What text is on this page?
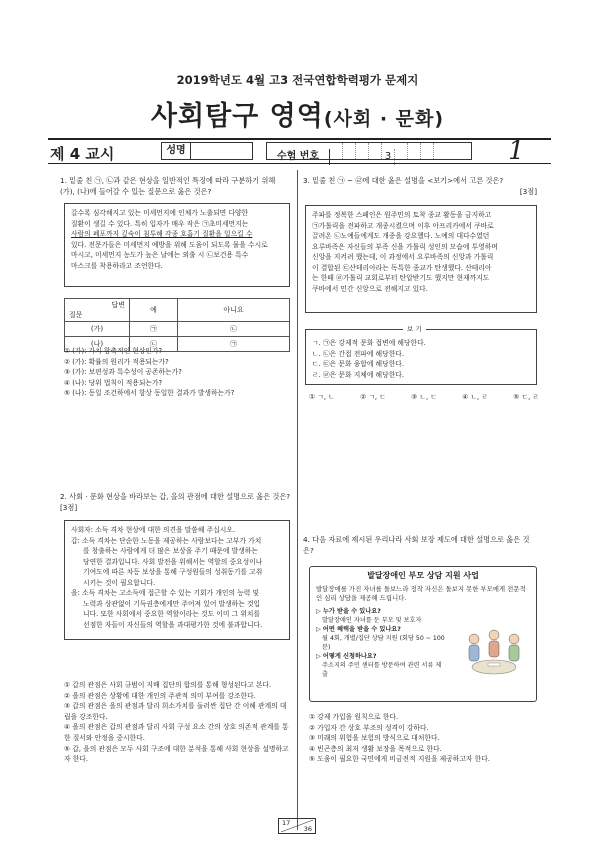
2019학년도 4월 고3 전국연합학력평가 문제지
사회탐구 영역(사회 · 문화)
제 4 교시	성명
수험 번호	3	1
1. 밑줄 친 ㉠, ㉡과 같은 현상을 일반적인 특징에 따라 구분하기 위해 (가), (나)에 들어갈 수 있는 질문으로 옳은 것은?
갈수록 심각해지고 있는 미세먼지에 인체가 노출되면 다양한
질환이 생길 수 있다. 특히 입자가 매우 작은 ㉠초미세먼지는
사람의 폐포까지 깊숙이 침투해 각종 호흡기 질환을 일으킬 수
있다. 전문가들은 미세먼지 예방을 위해 도움이 되도록 물을 수시로
마시고, 미세먼지 농도가 높은 날에는 외출 시 ㉡보건용 특수
마스크를 착용하라고 조언한다.
답변
질문	예	아니요
(가)	㉠	㉡
(나)	㉡	㉠
① (가): 가치 함축적인 현상인가?
② (가): 확률의 원리가 적용되는가?
③ (가): 보편성과 특수성이 공존하는가?
④ (나): 당위 법칙이 적용되는가?
⑤ (나): 동일 조건하에서 항상 동일한 결과가 발생하는가?
2. 사회 · 문화 현상을 바라보는 갑, 을의 관점에 대한 설명으로 옳은 것은? [3점]
사회자: 소득 격차 현상에 대한 의견을 말씀해 주십시오.
갑: 소득 격차는 단순한 노동을 제공하는 사람보다는 고부가 가치
를 창출하는 사람에게 더 많은 보상을 주기 때문에 발생하는
당연한 결과입니다. 사회 발전을 위해서는 역할의 중요성이나
기여도에 따른 차등 보상을 통해 구성원들의 성취동기를 고취
시키는 것이 필요합니다.
을: 소득 격차는 고소득에 접근할 수 있는 기회가 개인의 능력 및
노력과 상관없이 기득권층에게만 주어져 있어 발생하는 것입
니다. 또한 사회에서 중요한 역할이라는 것도 이미 그 위치를
선점한 자들이 자신들의 역할을 과대평가한 것에 불과합니다.
① 갑의 관점은 사회 규범이 지배 집단의 합의를 통해 형성된다고 본다.
② 을의 관점은 상황에 대한 개인의 주관적 의미 부여를 강조한다.
③ 갑의 관점은 을의 관점과 달리 희소가치를 둘러싼 집단 간 이해 관계의 대립을 강조한다.
④ 을의 관점은 갑의 관점과 달리 사회 구성 요소 간의 상호 의존적 관계를 통한 질서와 안정을 중시한다.
⑤ 갑, 을의 관점은 모두 사회 구조에 대한 분석을 통해 사회 현상을 설명하고자 한다.
3. 밑줄 친 ㉠ ~ ㉣에 대한 옳은 설명을 <보기>에서 고른 것은?
[3점]
주파를 정복한 스페인은 원주민의 토착 종교 활동을 금지하고
㉠가톨릭을 전파하고 개종시켰으며 이후 아프리카에서 쿠바로
끌려온 ㉡노예들에게도 개종을 강요했다. 노예의 대다수였던
요루바족은 자신들의 부족 신을 가톨릭 성인의 모습에 투영하며
신앙을 지켜려 했는데, 이 과정에서 요루바족의 신앙과 가톨릭
이 결합된 ㉢산테리아라는 독특한 종교가 탄생했다. 산테리아
는 한때 ㉣가톨릭 교회로부터 탄압받기도 했지만 현재까지도
쿠바에서 민간 신앙으로 전해지고 있다.
ㄱ. ㉠은 강제적 문화 접변에 해당한다.
ㄴ. ㉡은 간접 전파에 해당한다.
ㄷ. ㉢은 문화 융합에 해당한다.
ㄹ. ㉣은 문화 지체에 해당한다.
보 기
① ㄱ, ㄴ	② ㄱ, ㄷ	③ ㄴ, ㄷ	④ ㄴ, ㄹ	⑤ ㄷ, ㄹ
4. 다음 자료에 제시된 우리나라 사회 보장 제도에 대한 설명으로 옳은 것은?
발달장애인 부모 상담 지원 사업
발달장애를 가진 자녀를 돌보느라 정작 자신은 돌보지 못한 부모에게 전문적인 심리 상담을 제공해 드립니다.
▷ 누가 받을 수 있나요?
발달장애인 자녀를 둔 부모 및 보호자
▷ 어떤 혜택을 받을 수 있나요?
월 4회, 개별/집단 상담 지원 (회당 50 ~ 100분)
▷ 어떻게 신청하나요?
주소지의 주민 센터를 방문하여 관련 서류 제출
① 강제 가입을 원칙으로 한다.
② 가입자 간 상호 부조의 성격이 강하다.
③ 미래의 위험을 보험의 방식으로 대처한다.
④ 빈곤층의 최저 생활 보장을 목적으로 한다.
⑤ 도움이 필요한 국민에게 비금전적 지원을 제공하고자 한다.
17
36
